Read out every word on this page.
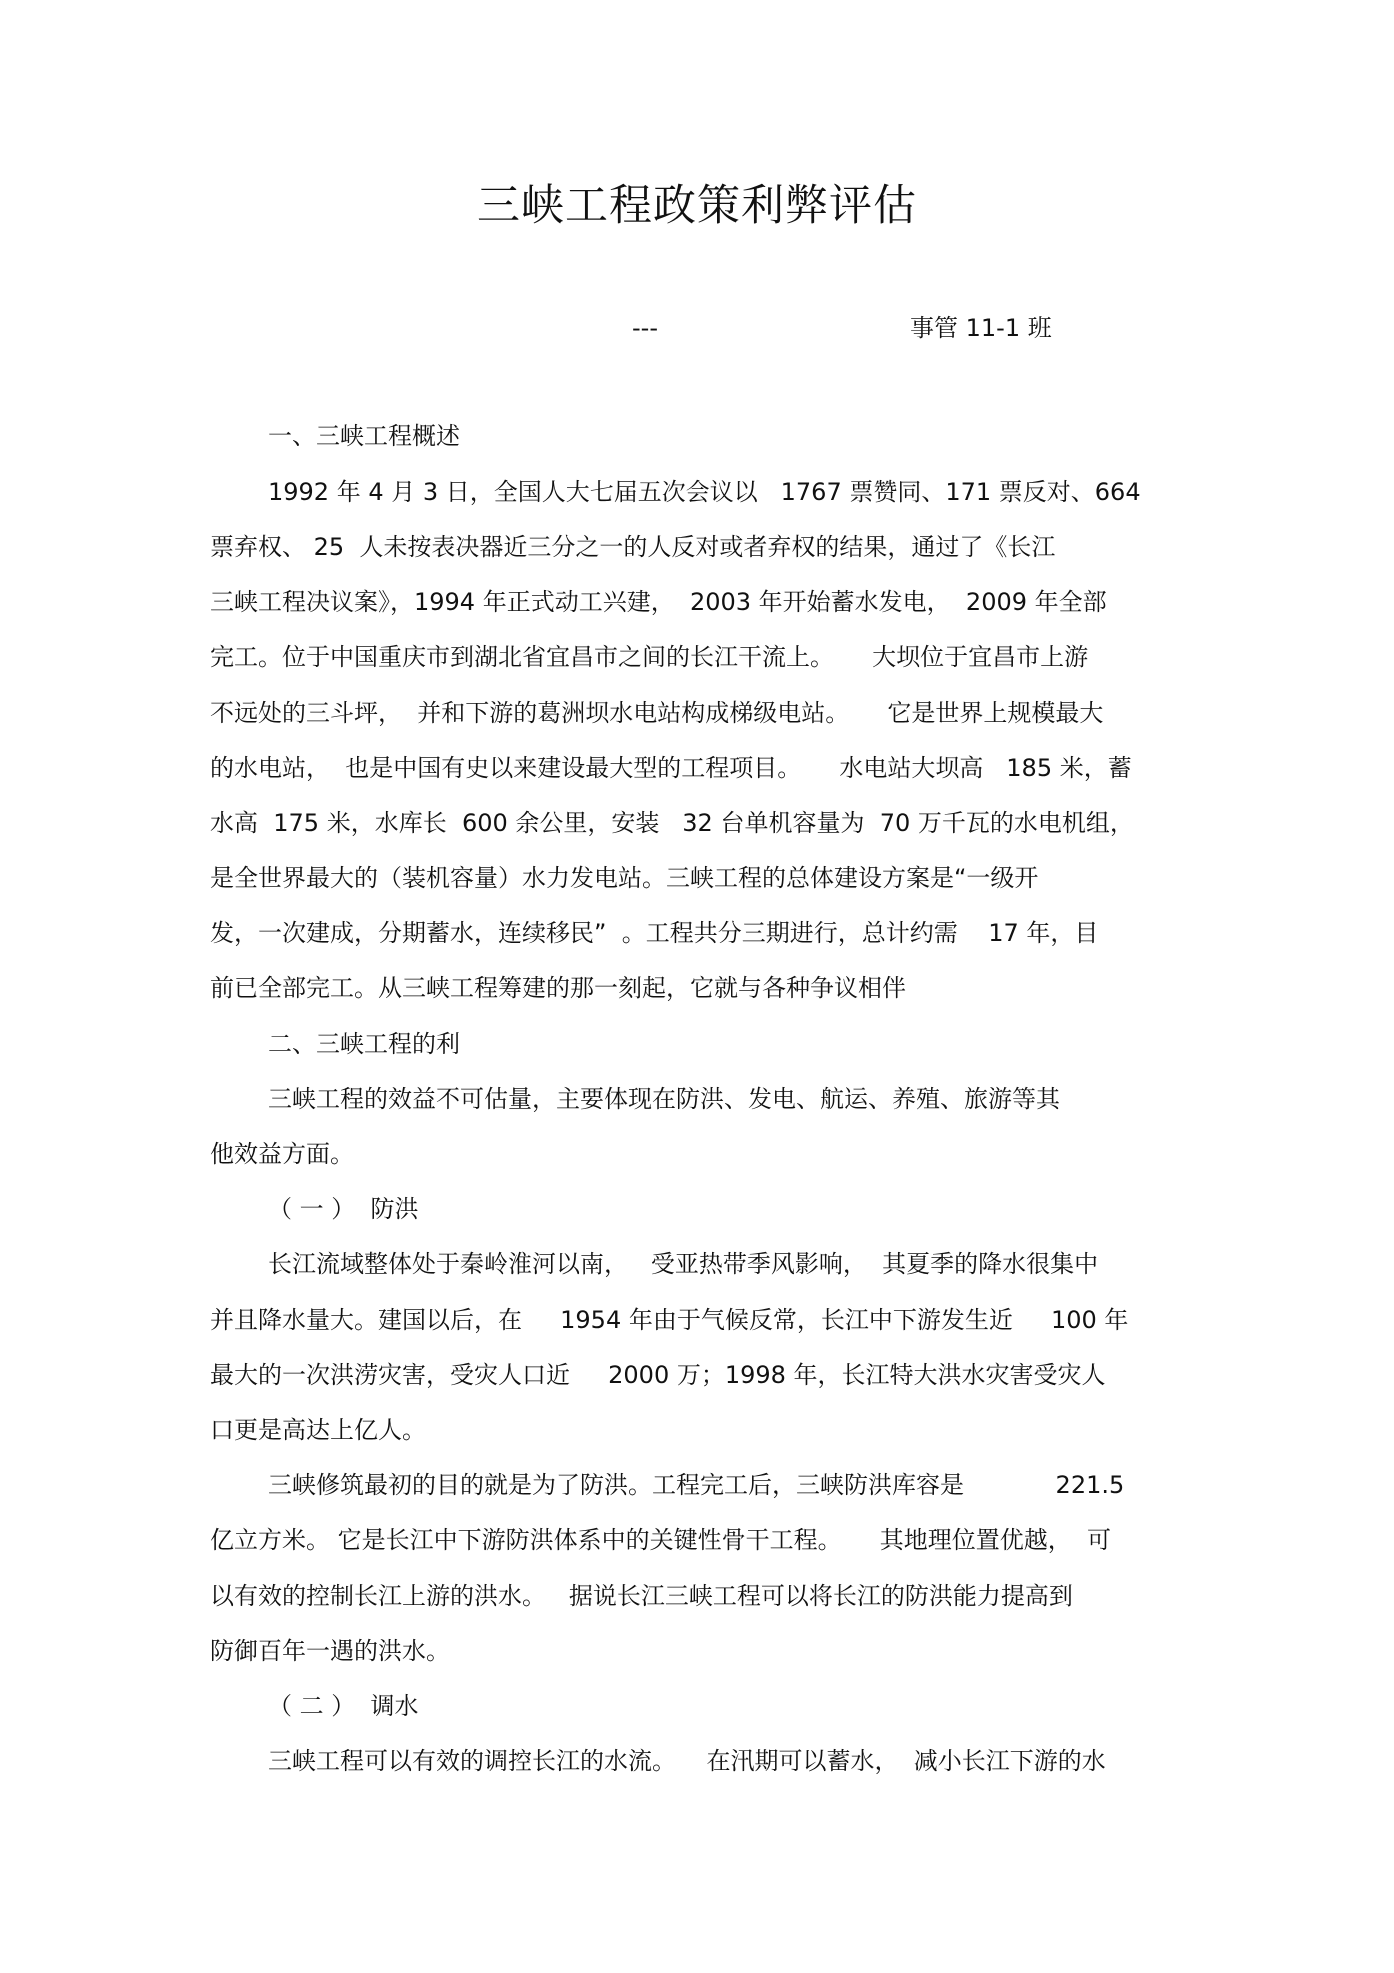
三峡工程政策利弊评估
---	事管 11-1 班

一、三峡工程概述

1992 年 4 月 3 日，全国人大七届五次会议以   1767 票赞同、171 票反对、664

票弃权、 25  人未按表决器近三分之一的人反对或者弃权的结果，通过了《长江

三峡工程决议案》，1994 年正式动工兴建，  2003 年开始蓄水发电，  2009 年全部

完工。位于中国重庆市到湖北省宜昌市之间的长江干流上。     大坝位于宜昌市上游

不远处的三斗坪，  并和下游的葛洲坝水电站构成梯级电站。     它是世界上规模最大

的水电站，  也是中国有史以来建设最大型的工程项目。     水电站大坝高   185 米，蓄

水高  175 米，水库长  600 余公里，安装   32 台单机容量为  70 万千瓦的水电机组，

是全世界最大的（装机容量）水力发电站。三峡工程的总体建设方案是“一级开

发，一次建成，分期蓄水，连续移民”  。工程共分三期进行，总计约需    17 年，目

前已全部完工。从三峡工程筹建的那一刻起，它就与各种争议相伴

二、三峡工程的利

三峡工程的效益不可估量，主要体现在防洪、发电、航运、养殖、旅游等其

他效益方面。

（ 一 ）  防洪

长江流域整体处于秦岭淮河以南，   受亚热带季风影响，  其夏季的降水很集中

并且降水量大。建国以后，在     1954 年由于气候反常，长江中下游发生近     100 年

最大的一次洪涝灾害，受灾人口近     2000 万；1998 年，长江特大洪水灾害受灾人

口更是高达上亿人。

三峡修筑最初的目的就是为了防洪。工程完工后，三峡防洪库容是            221.5

亿立方米。 它是长江中下游防洪体系中的关键性骨干工程。     其地理位置优越，  可

以有效的控制长江上游的洪水。   据说长江三峡工程可以将长江的防洪能力提高到

防御百年一遇的洪水。

（ 二 ）  调水

三峡工程可以有效的调控长江的水流。    在汛期可以蓄水，  减小长江下游的水
